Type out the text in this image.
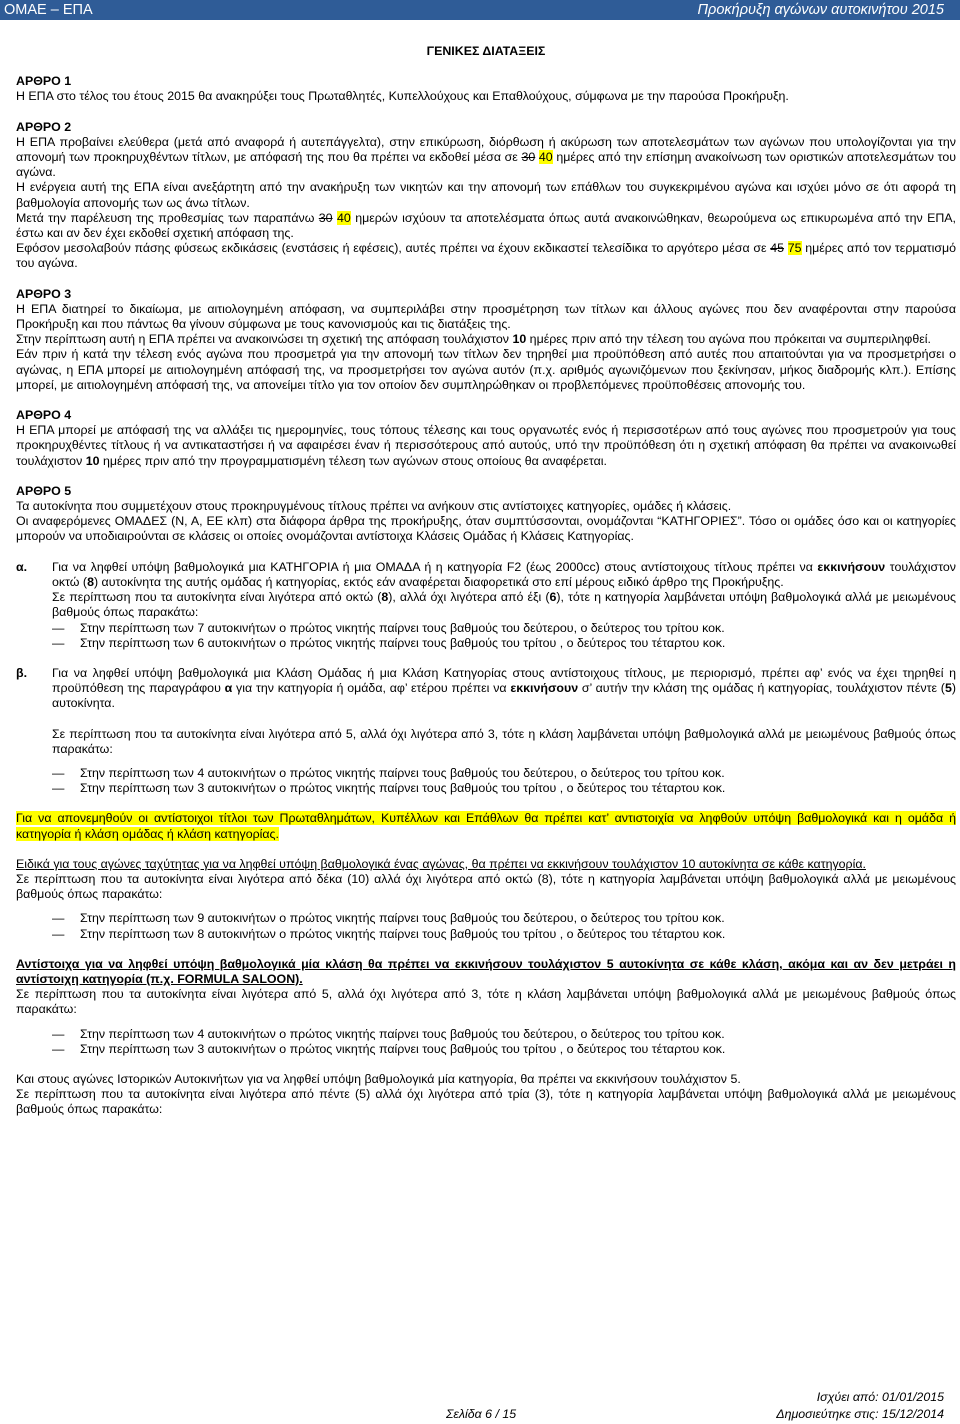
ΟΜΑΕ – ΕΠΑ	Προκήρυξη αγώνων αυτοκινήτου 2015

ΓΕΝΙΚΕΣ ΔΙΑΤΑΞΕΙΣ

ΑΡΘΡΟ 1

Η ΕΠΑ στο τέλος του έτους 2015 θα ανακηρύξει τους Πρωταθλητές, Κυπελλούχους και Επαθλούχους, σύμφωνα με την παρούσα Προκήρυξη.

ΑΡΘΡΟ 2

Η ΕΠΑ προβαίνει ελεύθερα (μετά από αναφορά ή αυτεπάγγελτα), στην επικύρωση, διόρθωση ή ακύρωση των αποτελεσμάτων των αγώνων που υπολογίζονται για την απονομή των προκηρυχθέντων τίτλων, με απόφασή της που θα πρέπει να εκδοθεί μέσα σε 30 40 ημέρες από την επίσημη ανακοίνωση των οριστικών αποτελεσμάτων του αγώνα.

Η ενέργεια αυτή της ΕΠΑ είναι ανεξάρτητη από την ανακήρυξη των νικητών και την απονομή των επάθλων του συγκεκριμένου αγώνα και ισχύει μόνο σε ότι αφορά τη βαθμολογία απονομής των ως άνω τίτλων.

Μετά την παρέλευση της προθεσμίας των παραπάνω 30 40 ημερών ισχύουν τα αποτελέσματα όπως αυτά ανακοινώθηκαν, θεωρούμενα ως επικυρωμένα από την ΕΠΑ, έστω και αν δεν έχει εκδοθεί σχετική απόφαση της.

Εφόσον μεσολαβούν πάσης φύσεως εκδικάσεις (ενστάσεις ή εφέσεις), αυτές πρέπει να έχουν εκδικαστεί τελεσίδικα το αργότερο μέσα σε 45 75 ημέρες από τον τερματισμό του αγώνα.

ΑΡΘΡΟ 3

Η ΕΠΑ διατηρεί το δικαίωμα, με αιτιολογημένη απόφαση, να συμπεριλάβει στην προσμέτρηση των τίτλων και άλλους αγώνες που δεν αναφέρονται στην παρούσα Προκήρυξη και που πάντως θα γίνουν σύμφωνα με τους κανονισμούς και τις διατάξεις της.

Στην περίπτωση αυτή η ΕΠΑ πρέπει να ανακοινώσει τη σχετική της απόφαση τουλάχιστον 10 ημέρες πριν από την τέλεση του αγώνα που πρόκειται να συμπεριληφθεί.

Εάν πριν ή κατά την τέλεση ενός αγώνα που προσμετρά για την απονομή των τίτλων δεν τηρηθεί μια προϋπόθεση από αυτές που απαιτούνται για να προσμετρήσει ο αγώνας, η ΕΠΑ μπορεί με αιτιολογημένη απόφασή της, να προσμετρήσει τον αγώνα αυτόν (π.χ. αριθμός αγωνιζόμενων που ξεκίνησαν, μήκος διαδρομής κλπ.). Επίσης μπορεί, με αιτιολογημένη απόφασή της, να απονείμει τίτλο για τον οποίον δεν συμπληρώθηκαν οι προβλεπόμενες προϋποθέσεις απονομής του.

ΑΡΘΡΟ 4

Η ΕΠΑ μπορεί με απόφασή της να αλλάξει τις ημερομηνίες, τους τόπους τέλεσης και τους οργανωτές ενός ή περισσοτέρων από τους αγώνες που προσμετρούν για τους προκηρυχθέντες τίτλους ή να αντικαταστήσει ή να αφαιρέσει έναν ή περισσότερους από αυτούς, υπό την προϋπόθεση ότι η σχετική απόφαση θα πρέπει να ανακοινωθεί τουλάχιστον 10 ημέρες πριν από την προγραμματισμένη τέλεση των αγώνων στους οποίους θα αναφέρεται.

ΑΡΘΡΟ 5

Τα αυτοκίνητα που συμμετέχουν στους προκηρυγμένους τίτλους πρέπει να ανήκουν στις αντίστοιχες κατηγορίες, ομάδες ή κλάσεις.

Οι αναφερόμενες ΟΜΑΔΕΣ (Ν, Α, ΕΕ κλπ) στα διάφορα άρθρα της προκήρυξης, όταν συμπτύσσονται, ονομάζονται “ΚΑΤΗΓΟΡΙΕΣ”. Τόσο οι ομάδες όσο και οι κατηγορίες μπορούν να υποδιαιρούνται σε κλάσεις οι οποίες ονομάζονται αντίστοιχα Κλάσεις Ομάδας ή Κλάσεις Κατηγορίας.

α.	Για να ληφθεί υπόψη βαθμολογικά μια ΚΑΤΗΓΟΡΙΑ ή μια ΟΜΑΔΑ ή η κατηγορία F2 (έως 2000cc) στους αντίστοιχους τίτλους πρέπει να εκκινήσουν τουλάχιστον οκτώ (8) αυτοκίνητα της αυτής ομάδας ή κατηγορίας, εκτός εάν αναφέρεται διαφορετικά στο επί μέρους ειδικό άρθρο της Προκήρυξης.

Σε περίπτωση που τα αυτοκίνητα είναι λιγότερα από οκτώ (8), αλλά όχι λιγότερα από έξι (6), τότε η κατηγορία λαμβάνεται υπόψη βαθμολογικά αλλά με μειωμένους βαθμούς όπως παρακάτω:

—	Στην περίπτωση των 7 αυτοκινήτων ο πρώτος νικητής παίρνει τους βαθμούς του δεύτερου, ο δεύτερος του τρίτου κοκ.
—	Στην περίπτωση των 6 αυτοκινήτων ο πρώτος νικητής παίρνει τους βαθμούς του τρίτου , ο δεύτερος του τέταρτου κοκ.
β.	Για να ληφθεί υπόψη βαθμολογικά μια Κλάση Ομάδας ή μια Κλάση Κατηγορίας στους αντίστοιχους τίτλους, με περιορισμό, πρέπει αφ’ ενός να έχει τηρηθεί η προϋπόθεση της παραγράφου α για την κατηγορία ή ομάδα, αφ’ ετέρου πρέπει να εκκινήσουν σ’ αυτήν την κλάση της ομάδας ή κατηγορίας, τουλάχιστον πέντε (5) αυτοκίνητα.

Σε περίπτωση που τα αυτοκίνητα είναι λιγότερα από 5, αλλά όχι λιγότερα από 3, τότε η κλάση λαμβάνεται υπόψη βαθμολογικά αλλά με μειωμένους βαθμούς όπως παρακάτω:

—	Στην περίπτωση των 4 αυτοκινήτων ο πρώτος νικητής παίρνει τους βαθμούς του δεύτερου, ο δεύτερος του τρίτου κοκ.
—	Στην περίπτωση των 3 αυτοκινήτων ο πρώτος νικητής παίρνει τους βαθμούς του τρίτου , ο δεύτερος του τέταρτου κοκ.

Για να απονεμηθούν οι αντίστοιχοι τίτλοι των Πρωταθλημάτων, Κυπέλλων και Επάθλων θα πρέπει κατ’ αντιστοιχία να ληφθούν υπόψη βαθμολογικά και η ομάδα ή κατηγορία ή κλάση ομάδας ή κλάση κατηγορίας.

Ειδικά για τους αγώνες ταχύτητας για να ληφθεί υπόψη βαθμολογικά ένας αγώνας, θα πρέπει να εκκινήσουν τουλάχιστον 10 αυτοκίνητα σε κάθε κατηγορία.

Σε περίπτωση που τα αυτοκίνητα είναι λιγότερα από δέκα (10) αλλά όχι λιγότερα από οκτώ (8), τότε η κατηγορία λαμβάνεται υπόψη βαθμολογικά αλλά με μειωμένους βαθμούς όπως παρακάτω:

—	Στην περίπτωση των 9 αυτοκινήτων ο πρώτος νικητής παίρνει τους βαθμούς του δεύτερου, ο δεύτερος του τρίτου κοκ.
—	Στην περίπτωση των 8 αυτοκινήτων ο πρώτος νικητής παίρνει τους βαθμούς του τρίτου , ο δεύτερος του τέταρτου κοκ.

Αντίστοιχα για να ληφθεί υπόψη βαθμολογικά μία κλάση θα πρέπει να εκκινήσουν τουλάχιστον 5 αυτοκίνητα σε κάθε κλάση, ακόμα και αν δεν μετράει η αντίστοιχη κατηγορία (π.χ. FORMULA SALOON).

Σε περίπτωση που τα αυτοκίνητα είναι λιγότερα από 5, αλλά όχι λιγότερα από 3, τότε η κλάση λαμβάνεται υπόψη βαθμολογικά αλλά με μειωμένους βαθμούς όπως παρακάτω:

—	Στην περίπτωση των 4 αυτοκινήτων ο πρώτος νικητής παίρνει τους βαθμούς του δεύτερου, ο δεύτερος του τρίτου κοκ.
—	Στην περίπτωση των 3 αυτοκινήτων ο πρώτος νικητής παίρνει τους βαθμούς του τρίτου , ο δεύτερος του τέταρτου κοκ.

Και στους αγώνες Ιστορικών Αυτοκινήτων για να ληφθεί υπόψη βαθμολογικά μία κατηγορία, θα πρέπει να εκκινήσουν τουλάχιστον 5.

Σε περίπτωση που τα αυτοκίνητα είναι λιγότερα από πέντε (5) αλλά όχι λιγότερα από τρία (3), τότε η κατηγορία λαμβάνεται υπόψη βαθμολογικά αλλά με μειωμένους βαθμούς όπως παρακάτω:

Ισχύει από: 01/01/2015
Σελίδα 6 / 15	Δημοσιεύτηκε στις: 15/12/2014
